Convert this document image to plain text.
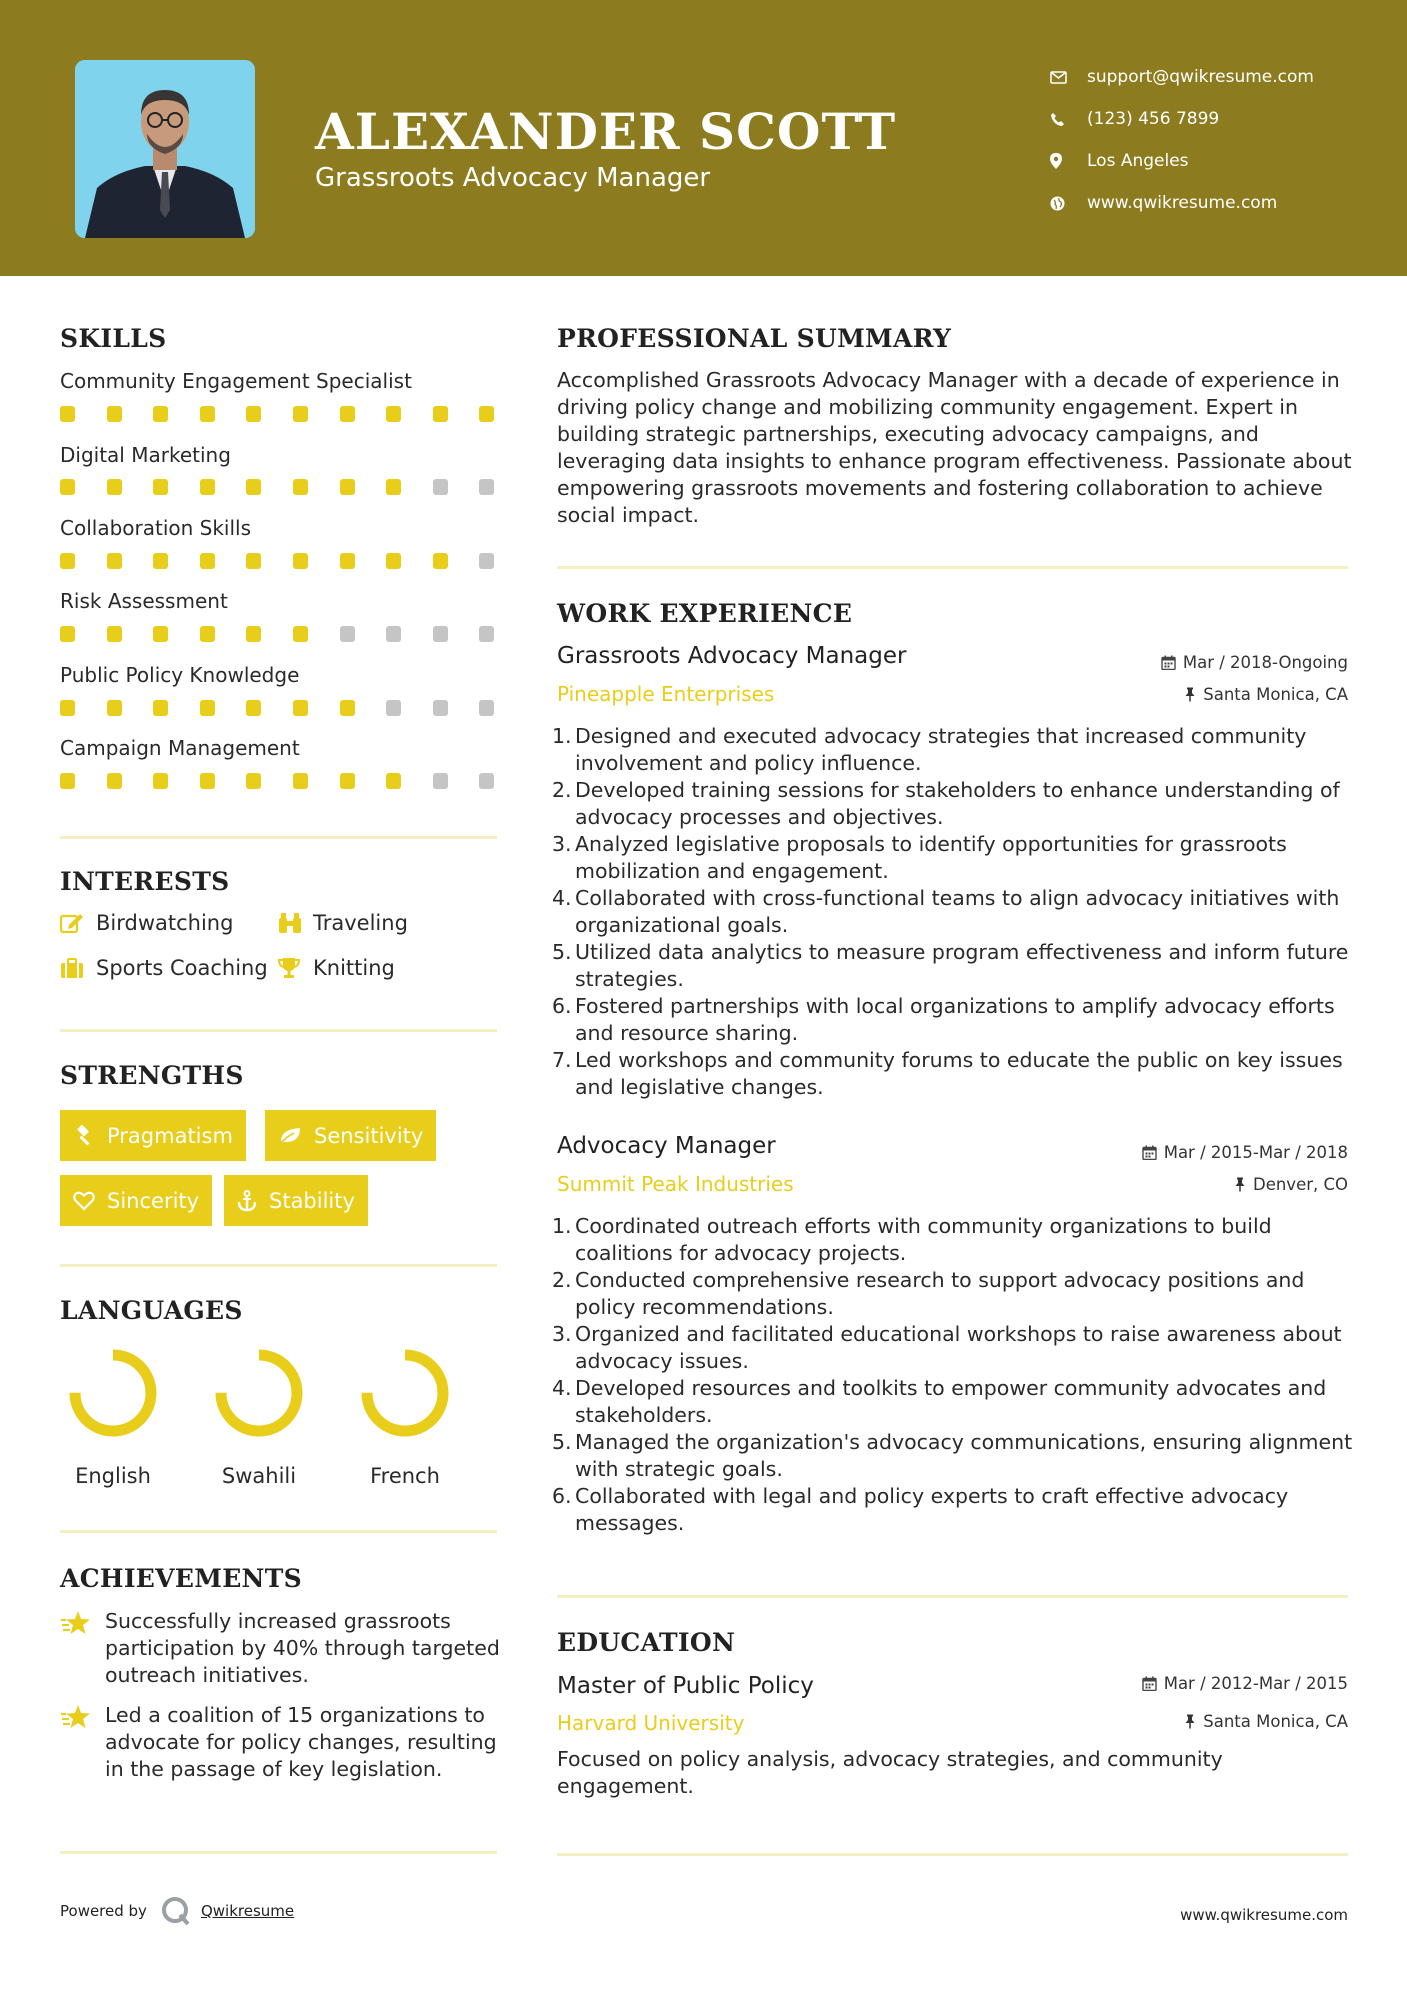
ALEXANDER SCOTT
Grassroots Advocacy Manager
support@qwikresume.com
(123) 456 7899
Los Angeles
www.qwikresume.com
SKILLS
Community Engagement Specialist
Digital Marketing
Collaboration Skills
Risk Assessment
Public Policy Knowledge
Campaign Management
INTERESTS
Birdwatching	Traveling
Sports Coaching Knitting
STRENGTHS
Pragmatism	Sensitivity
Sincerity	Stability
LANGUAGES
English	Swahili	French
ACHIEVEMENTS
Successfully increased grassroots participation by 40% through targeted outreach initiatives.
Led a coalition of 15 organizations to advocate for policy changes, resulting in the passage of key legislation.
PROFESSIONAL SUMMARY
Accomplished Grassroots Advocacy Manager with a decade of experience in driving policy change and mobilizing community engagement. Expert in building strategic partnerships, executing advocacy campaigns, and leveraging data insights to enhance program effectiveness. Passionate about empowering grassroots movements and fostering collaboration to achieve social impact.
WORK EXPERIENCE
Grassroots Advocacy Manager	Mar / 2018-Ongoing
Pineapple Enterprises	Santa Monica, CA
1. Designed and executed advocacy strategies that increased community involvement and policy influence.
2. Developed training sessions for stakeholders to enhance understanding of advocacy processes and objectives.
3. Analyzed legislative proposals to identify opportunities for grassroots mobilization and engagement.
4. Collaborated with cross-functional teams to align advocacy initiatives with organizational goals.
5. Utilized data analytics to measure program effectiveness and inform future strategies.
6. Fostered partnerships with local organizations to amplify advocacy efforts and resource sharing.
7. Led workshops and community forums to educate the public on key issues and legislative changes.
Advocacy Manager	Mar / 2015-Mar / 2018
Summit Peak Industries	Denver, CO
1. Coordinated outreach efforts with community organizations to build coalitions for advocacy projects.
2. Conducted comprehensive research to support advocacy positions and policy recommendations.
3. Organized and facilitated educational workshops to raise awareness about advocacy issues.
4. Developed resources and toolkits to empower community advocates and stakeholders.
5. Managed the organization's advocacy communications, ensuring alignment with strategic goals.
6. Collaborated with legal and policy experts to craft effective advocacy messages.
EDUCATION
Master of Public Policy	Mar / 2012-Mar / 2015
Harvard University	Santa Monica, CA
Focused on policy analysis, advocacy strategies, and community engagement.
Powered by	Qwikresume	www.qwikresume.com
